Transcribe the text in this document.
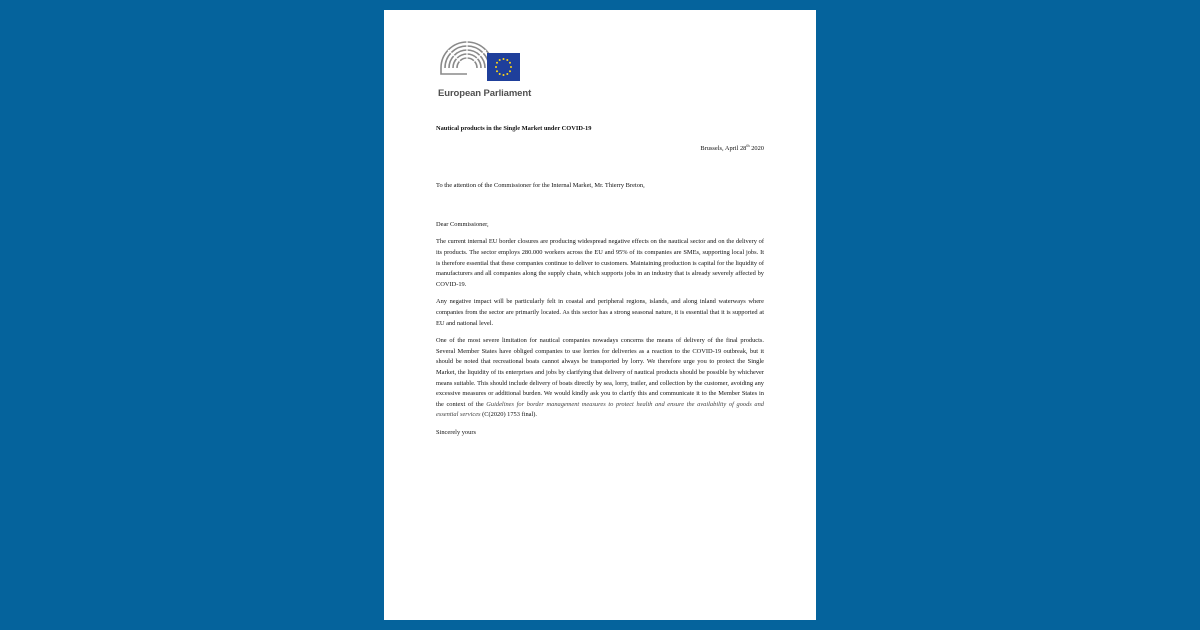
European Parliament

Nautical products in the Single Market under COVID-19

Brussels, April 28th 2020

To the attention of the Commissioner for the Internal Market, Mr. Thierry Breton,

Dear Commissioner,

The current internal EU border closures are producing widespread negative effects on the nautical sector and on the delivery of its products. The sector employs 280.000 workers across the EU and 95% of its companies are SMEs, supporting local jobs. It is therefore essential that these companies continue to deliver to customers. Maintaining production is capital for the liquidity of manufacturers and all companies along the supply chain, which supports jobs in an industry that is already severely affected by COVID-19.

Any negative impact will be particularly felt in coastal and peripheral regions, islands, and along inland waterways where companies from the sector are primarily located. As this sector has a strong seasonal nature, it is essential that it is supported at EU and national level.

One of the most severe limitation for nautical companies nowadays concerns the means of delivery of the final products. Several Member States have obliged companies to use lorries for deliveries as a reaction to the COVID-19 outbreak, but it should be noted that recreational boats cannot always be transported by lorry. We therefore urge you to protect the Single Market, the liquidity of its enterprises and jobs by clarifying that delivery of nautical products should be possible by whichever means suitable. This should include delivery of boats directly by sea, lorry, trailer, and collection by the customer, avoiding any excessive measures or additional burden. We would kindly ask you to clarify this and communicate it to the Member States in the context of the Guidelines for border management measures to protect health and ensure the availability of goods and essential services (C(2020) 1753 final).

Sincerely yours
